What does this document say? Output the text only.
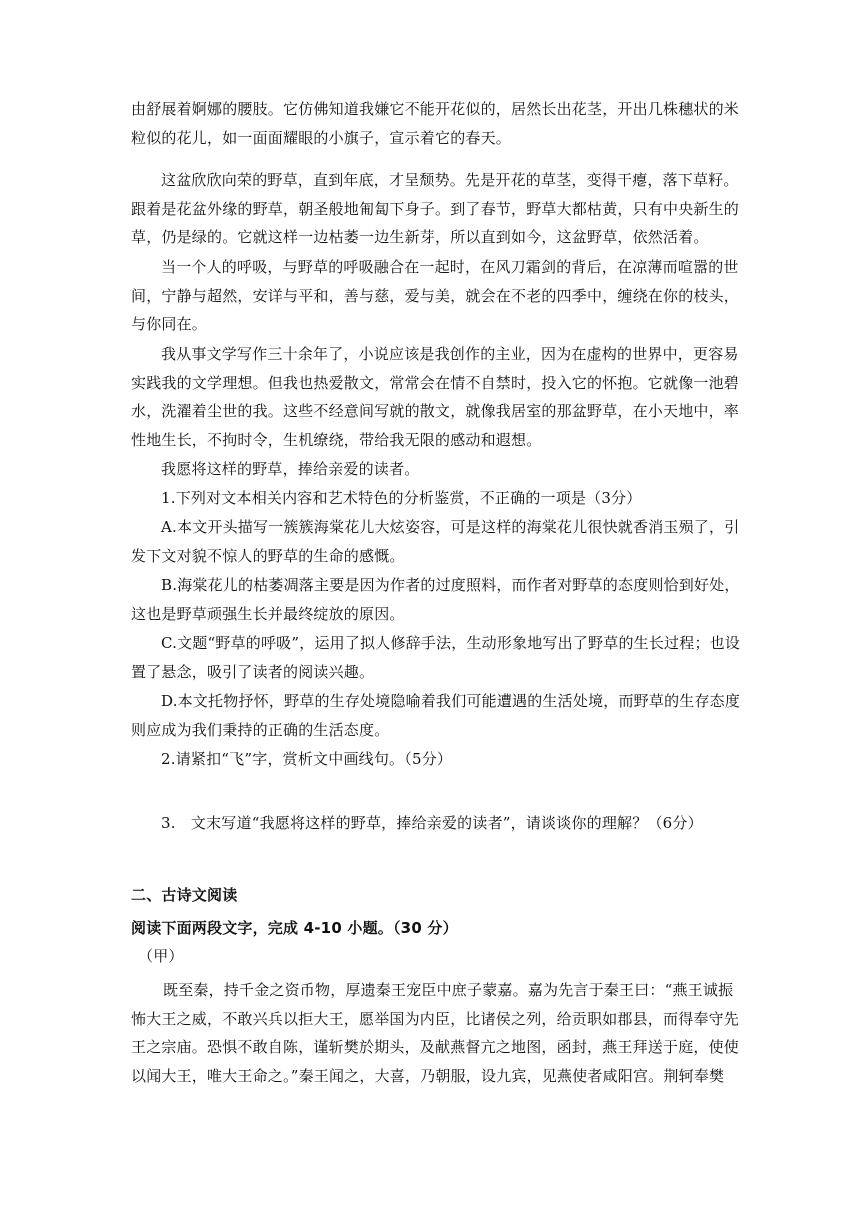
由舒展着婀娜的腰肢。它仿佛知道我嫌它不能开花似的，居然长出花茎，开出几株穗状的米粒似的花儿，如一面面耀眼的小旗子，宣示着它的春天。

这盆欣欣向荣的野草，直到年底，才呈颓势。先是开花的草茎，变得干瘪，落下草籽。跟着是花盆外缘的野草，朝圣般地匍匐下身子。到了春节，野草大都枯黄，只有中央新生的草，仍是绿的。它就这样一边枯萎一边生新芽，所以直到如今，这盆野草，依然活着。

当一个人的呼吸，与野草的呼吸融合在一起时，在风刀霜剑的背后，在凉薄而喧嚣的世间，宁静与超然，安详与平和，善与慈，爱与美，就会在不老的四季中，缠绕在你的枝头，与你同在。

我从事文学写作三十余年了，小说应该是我创作的主业，因为在虚构的世界中，更容易实践我的文学理想。但我也热爱散文，常常会在情不自禁时，投入它的怀抱。它就像一池碧水，洗濯着尘世的我。这些不经意间写就的散文，就像我居室的那盆野草，在小天地中，率性地生长，不拘时令，生机缭绕，带给我无限的感动和遐想。

我愿将这样的野草，捧给亲爱的读者。

1.下列对文本相关内容和艺术特色的分析鉴赏，不正确的一项是（3分）

A.本文开头描写一簇簇海棠花儿大炫姿容，可是这样的海棠花儿很快就香消玉殒了，引发下文对貌不惊人的野草的生命的感慨。

B.海棠花儿的枯萎凋落主要是因为作者的过度照料，而作者对野草的态度则恰到好处，这也是野草顽强生长并最终绽放的原因。

C.文题“野草的呼吸”，运用了拟人修辞手法，生动形象地写出了野草的生长过程；也设置了悬念，吸引了读者的阅读兴趣。

D.本文托物抒怀，野草的生存处境隐喻着我们可能遭遇的生活处境，而野草的生存态度则应成为我们秉持的正确的生活态度。

2.请紧扣“飞”字，赏析文中画线句。（5分）

3.　文末写道“我愿将这样的野草，捧给亲爱的读者”，请谈谈你的理解？（6分）

二、古诗文阅读

阅读下面两段文字，完成 4-10 小题。（30 分）

（甲）

既至秦，持千金之资币物，厚遗秦王宠臣中庶子蒙嘉。嘉为先言于秦王曰：“燕王诚振怖大王之威，不敢兴兵以拒大王，愿举国为内臣，比诸侯之列，给贡职如郡县，而得奉守先王之宗庙。恐惧不敢自陈，谨斩樊於期头，及献燕督亢之地图，函封，燕王拜送于庭，使使以闻大王，唯大王命之。”秦王闻之，大喜，乃朝服，设九宾，见燕使者咸阳宫。荆轲奉樊
